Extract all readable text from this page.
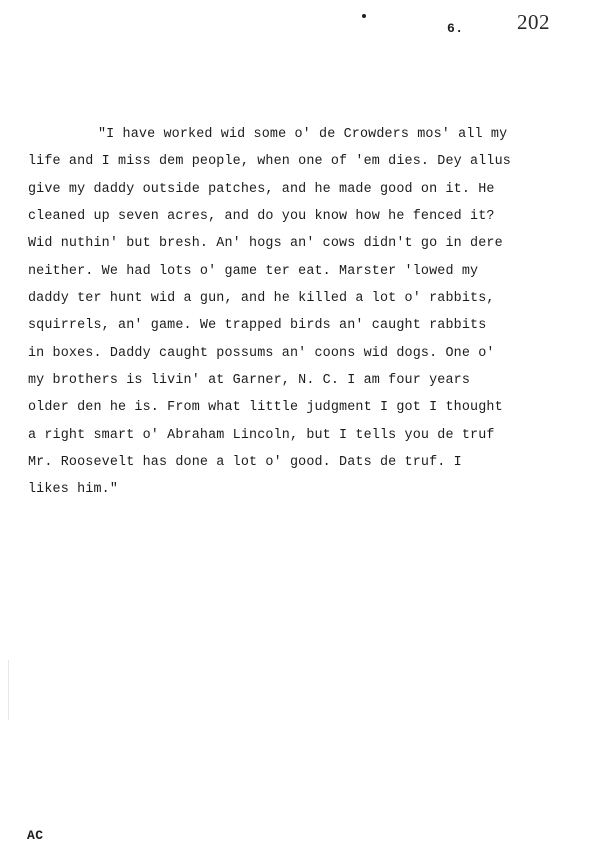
6.	202

"I have worked wid some o' de Crowders mos' all my
life and I miss dem people, when one of 'em dies. Dey allus
give my daddy outside patches, and he made good on it. He
cleaned up seven acres, and do you know how he fenced it?
Wid nuthin' but bresh. An' hogs an' cows didn't go in dere
neither. We had lots o' game ter eat. Marster 'lowed my
daddy ter hunt wid a gun, and he killed a lot o' rabbits,
squirrels, an' game. We trapped birds an' caught rabbits
in boxes. Daddy caught possums an' coons wid dogs. One o'
my brothers is livin' at Garner, N. C. I am four years
older den he is. From what little judgment I got I thought
a right smart o' Abraham Lincoln, but I tells you de truf
Mr. Roosevelt has done a lot o' good. Dats de truf. I
likes him."

AC
